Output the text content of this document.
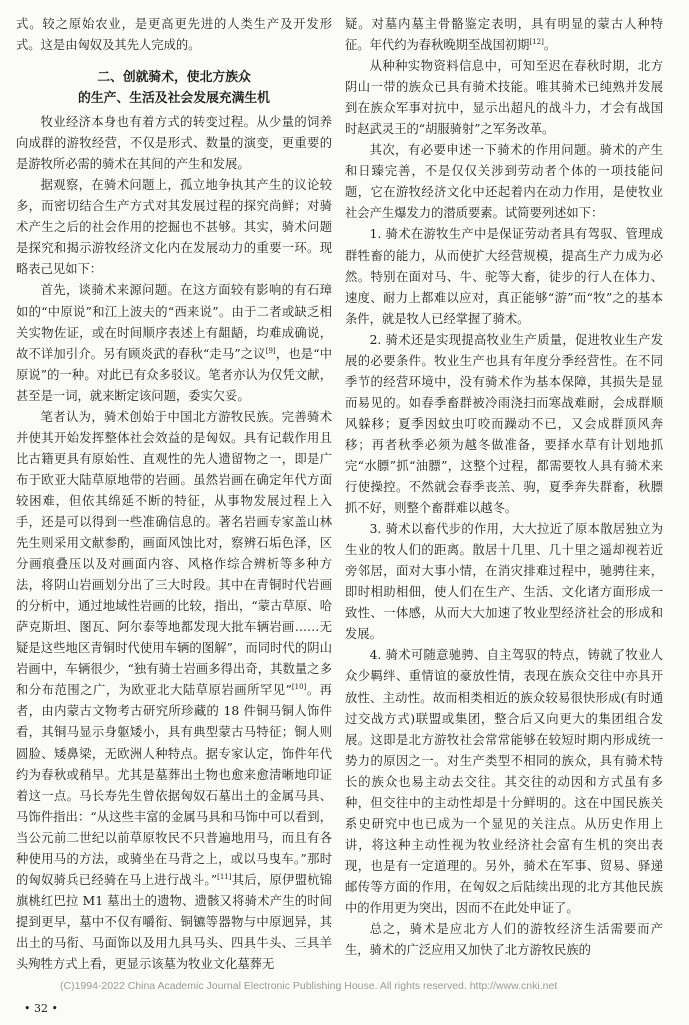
式。较之原始农业，是更高更先进的人类生产及开发形式。这是由匈奴及其先人完成的。

二、创就骑术，使北方族众
的生产、生活及社会发展充满生机

牧业经济本身也有着方式的转变过程。从少量的饲养向成群的游牧经营，不仅是形式、数量的演变，更重要的是游牧所必需的骑术在其间的产生和发展。

据观察，在骑术问题上，孤立地争执其产生的议论较多，而密切结合生产方式对其发展过程的探究尚鲜；对骑术产生之后的社会作用的挖掘也不甚够。其实，骑术问题是探究和揭示游牧经济文化内在发展动力的重要一环。现略表己见如下：

首先，谈骑术来源问题。在这方面较有影响的有石璋如的“中原说”和江上波夫的“西来说”。由于二者或缺乏相关实物佐证，或在时间顺序表述上有龃龉，均难成确说，故不详加引介。另有顾炎武的春秋“走马”之议[9]，也是“中原说”的一种。对此已有众多驳议。笔者亦认为仅凭文献，甚至是一词，就来断定该问题，委实欠妥。

笔者认为，骑术创始于中国北方游牧民族。完善骑术并使其开始发挥整体社会效益的是匈奴。具有记载作用且比古籍更具有原始性、直观性的先人遗留物之一，即是广布于欧亚大陆草原地带的岩画。虽然岩画在确定年代方面较困难，但依其绵延不断的特征，从事物发展过程上入手，还是可以得到一些准确信息的。著名岩画专家盖山林先生则采用文献参酌，画面风蚀比对，察辨石垢色泽，区分画痕叠压以及对画面内容、风格作综合辨析等多种方法，将阴山岩画划分出了三大时段。其中在青铜时代岩画的分析中，通过地域性岩画的比较，指出，“蒙古草原、哈萨克斯坦、图瓦、阿尔泰等地都发现大批车辆岩画……无疑是这些地区青铜时代使用车辆的图解”，而同时代的阴山岩画中，车辆很少，“独有骑士岩画多得出奇，其数量之多和分布范围之广，为欧亚北大陆草原岩画所罕见”[10]。再者，由内蒙古文物考古研究所珍藏的 18 件铜马铜人饰件看，其铜马显示身躯矮小，具有典型蒙古马特征；铜人则圆脸、矮鼻梁，无欧洲人种特点。据专家认定，饰件年代约为春秋或稍早。尤其是墓葬出土物也愈来愈清晰地印证着这一点。马长寿先生曾依据匈奴石墓出土的金属马具、马饰件指出：“从这些丰富的金属马具和马饰中可以看到，当公元前二世纪以前草原牧民不只普遍地用马，而且有各种使用马的方法，或骑坐在马背之上，或以马曳车。”那时的匈奴骑兵已经骑在马上进行战斗。”[11]其后，原伊盟杭锦旗桃红巴拉 M1 墓出土的遗物、遗骸又将骑术产生的时间提到更早，墓中不仅有嚼衔、铜镳等器物与中原迥异，其出土的马衔、马面饰以及用九具马头、四具牛头、三具羊头殉牲方式上看，更显示该墓为牧业文化墓葬无

疑。对墓内墓主骨骼鉴定表明，具有明显的蒙古人种特征。年代约为春秋晚期至战国初期[12]。

从种种实物资料信息中，可知至迟在春秋时期，北方阴山一带的族众已具有骑术技能。唯其骑术已纯熟并发展到在族众军事对抗中，显示出超凡的战斗力，才会有战国时赵武灵王的“胡服骑射”之军务改革。

其次，有必要申述一下骑术的作用问题。骑术的产生和日臻完善，不是仅仅关涉到劳动者个体的一项技能问题，它在游牧经济文化中还起着内在动力作用，是使牧业社会产生爆发力的潜质要素。试简要列述如下：

1. 骑术在游牧生产中是保证劳动者具有驾驭、管理成群牲畜的能力，从而使扩大经营规模，提高生产力成为必然。特别在面对马、牛、驼等大畜，徒步的行人在体力、速度、耐力上都难以应对，真正能够“游”而“牧”之的基本条件，就是牧人已经掌握了骑术。

2. 骑术还是实现提高牧业生产质量，促进牧业生产发展的必要条件。牧业生产也具有年度分季经营性。在不同季节的经营环境中，没有骑术作为基本保障，其损失是显而易见的。如春季畜群被冷雨浇扫而寒战难耐，会成群顺风躲移；夏季因蚊虫叮咬而躁动不已，又会成群顶风奔移；再者秋季必须为越冬做准备，要择水草有计划地抓完“水膘”抓“油膘”，这整个过程，都需要牧人具有骑术来行使操控。不然就会春季丧羔、驹，夏季奔失群畜，秋膘抓不好，则整个畜群难以越冬。

3. 骑术以畜代步的作用，大大拉近了原本散居独立为生业的牧人们的距离。散居十几里、几十里之遥却视若近旁邻居，面对大事小情，在消灾排难过程中，驰骋往来，即时相助相佃，使人们在生产、生活、文化诸方面形成一致性、一体感，从而大大加速了牧业型经济社会的形成和发展。

4. 骑术可随意驰骋、自主驾驭的特点，铸就了牧业人众少羁绊、重情谊的豪放性情，表现在族众交往中亦具开放性、主动性。故而相类相近的族众较易很快形成(有时通过交战方式)联盟或集团，整合后又向更大的集团组合发展。这即是北方游牧社会常常能够在较短时期内形成统一势力的原因之一。对生产类型不相同的族众，具有骑术特长的族众也易主动去交往。其交往的动因和方式虽有多种，但交往中的主动性却是十分鲜明的。这在中国民族关系史研究中也已成为一个显见的关注点。从历史作用上讲，将这种主动性视为牧业经济社会富有生机的突出表现，也是有一定道理的。另外，骑术在军事、贸易、驿递邮传等方面的作用，在匈奴之后陆续出现的北方其他民族中的作用更为突出，因而不在此处申证了。

总之，骑术是应北方人们的游牧经济生活需要而产生，骑术的广泛应用又加快了北方游牧民族的

(C)1994-2022 China Academic Journal Electronic Publishing House. All rights reserved. http://www.cnki.net
• 32 •
